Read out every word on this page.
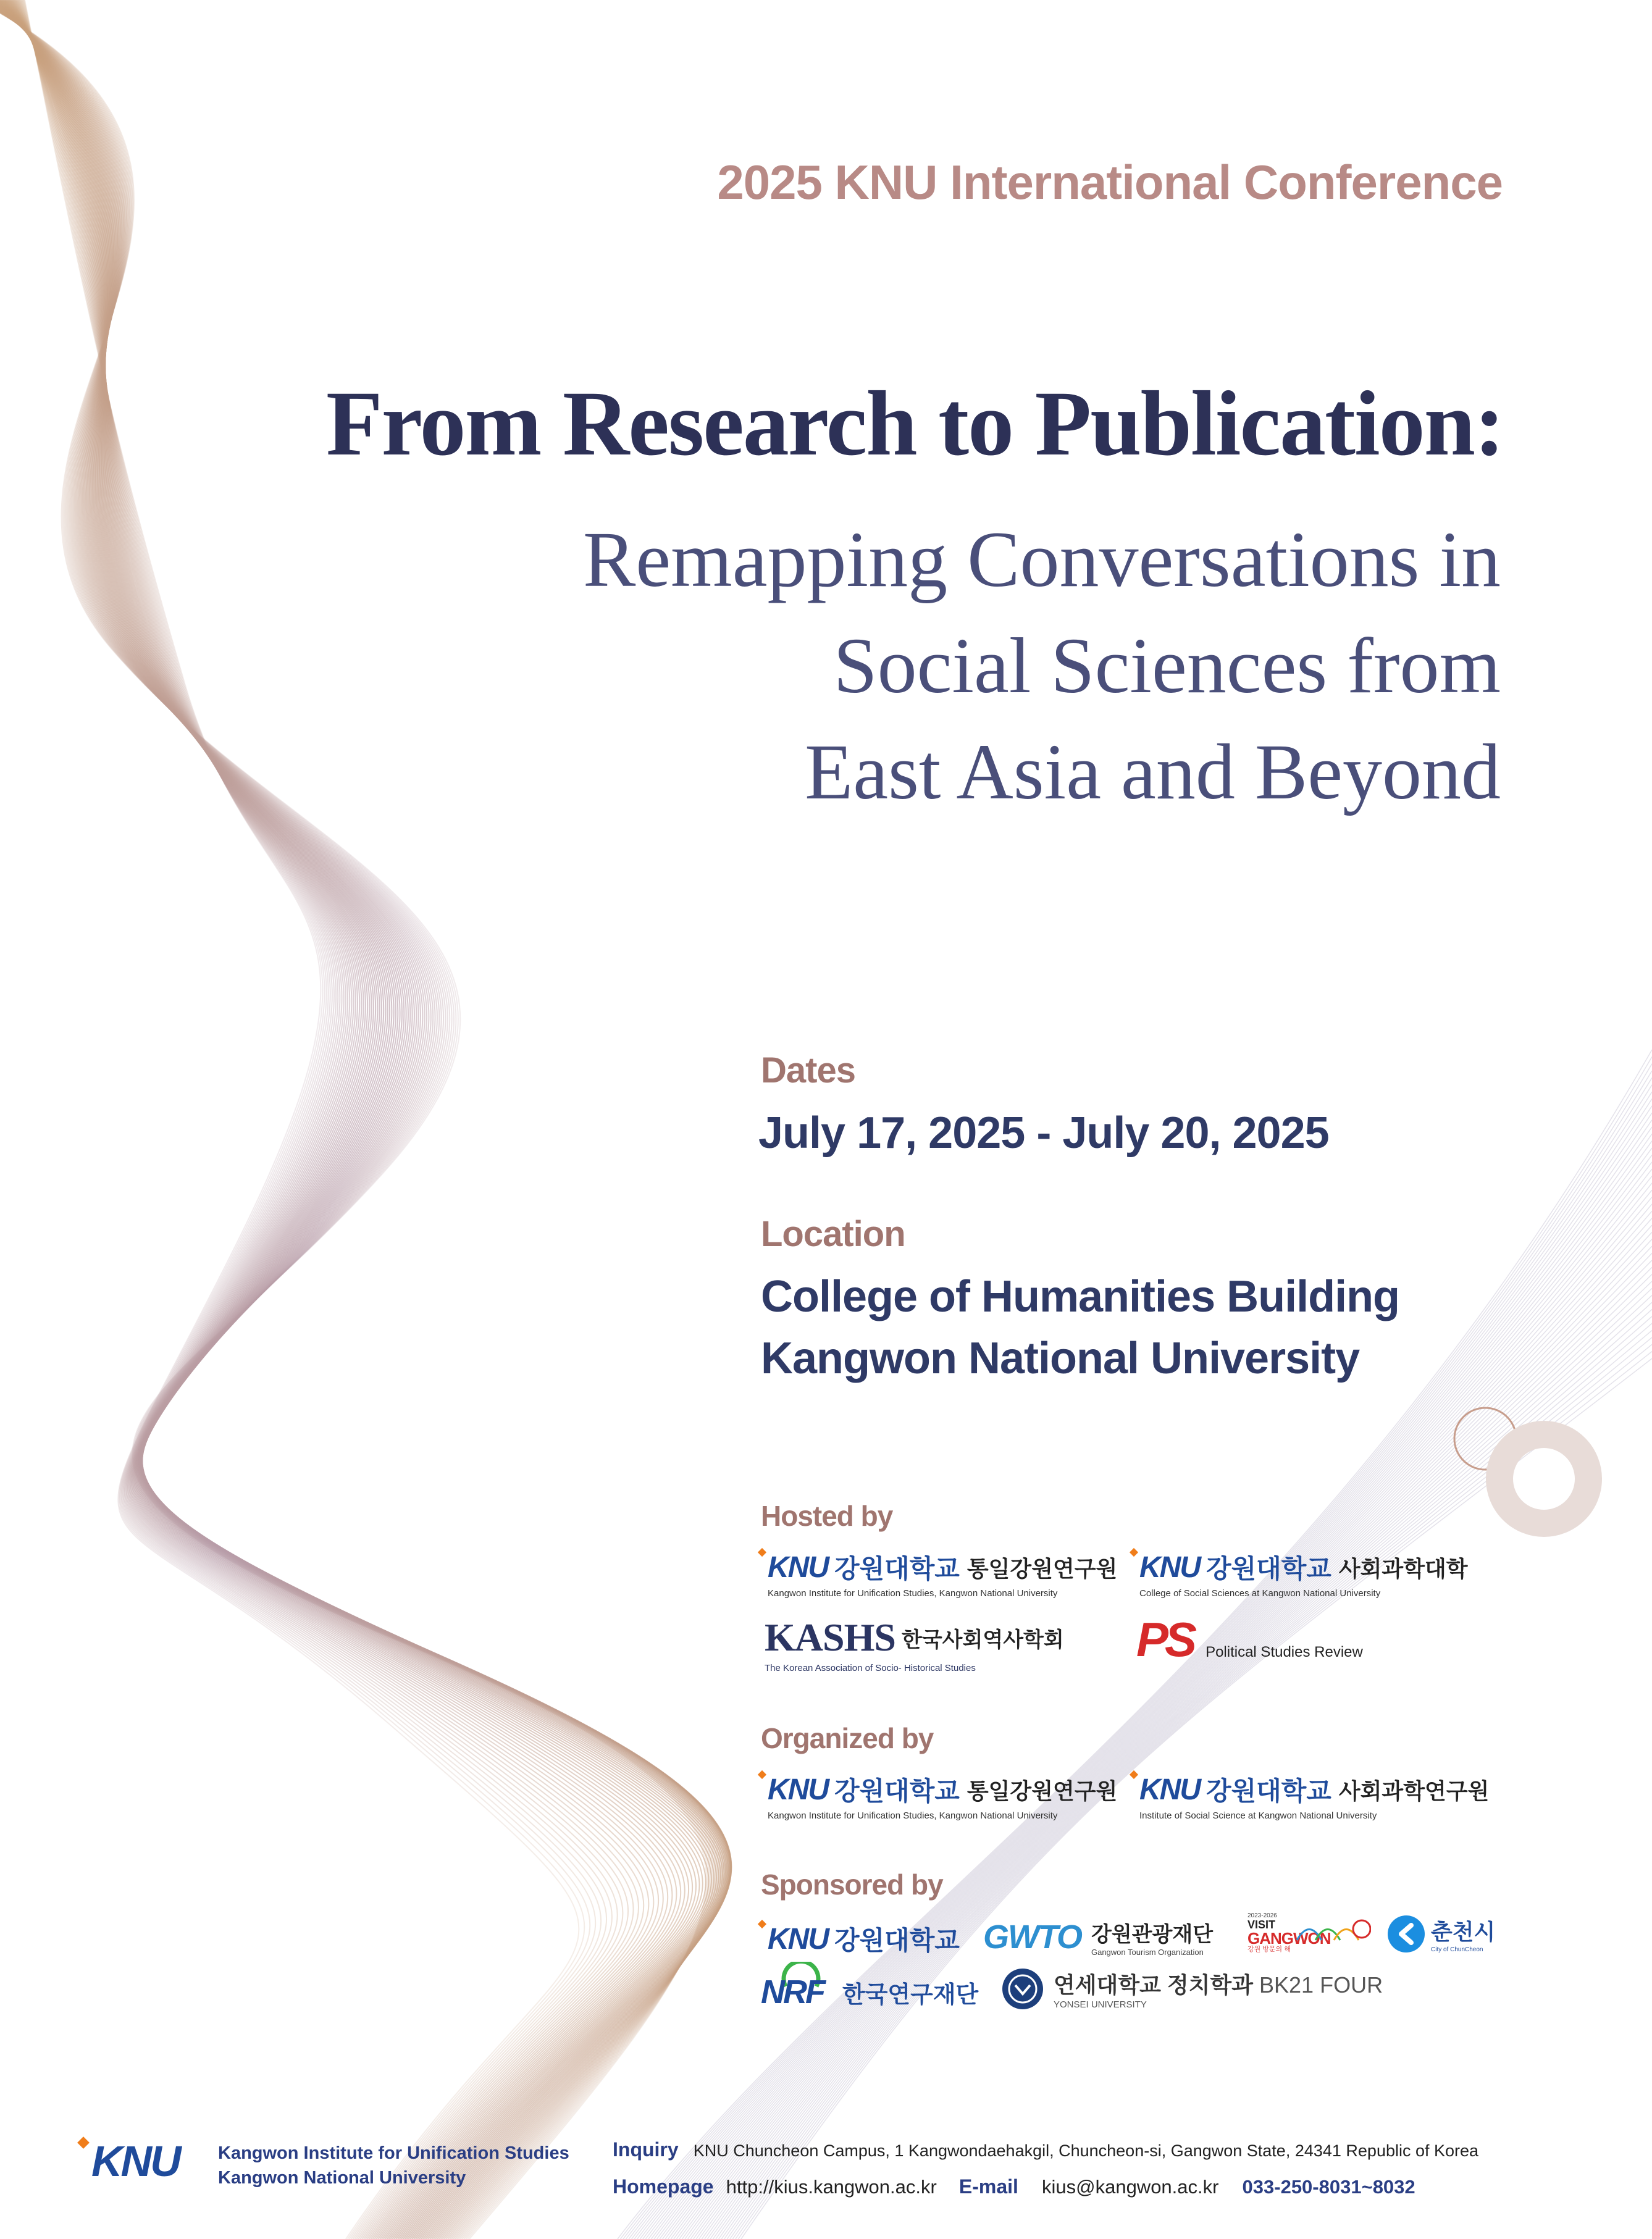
2025 KNU International Conference
From Research to Publication:
Remapping Conversations in
Social Sciences from
East Asia and Beyond
Dates
July 17, 2025 - July 20, 2025
Location
College of Humanities Building
Kangwon National University
Hosted by
KNU 강원대학교 통일강원연구원
Kangwon Institute for Unification Studies, Kangwon National University
KNU 강원대학교 사회과학대학
College of Social Sciences at Kangwon National University
KASHS 한국사회역사학회
The Korean Association of Socio- Historical Studies
PS Political Studies Review
Organized by
KNU 강원대학교 통일강원연구원
Kangwon Institute for Unification Studies, Kangwon National University
KNU 강원대학교 사회과학연구원
Institute of Social Science at Kangwon National University
Sponsored by
KNU 강원대학교 GWTO 강원관광재단
Gangwon Tourism Organization
2023-2026
VISIT
GANGWON
강원 방문의 해
춘천시
City of ChunCheon
NRF 한국연구재단	연세대학교 정치학과 BK21 FOUR
YONSEI UNIVERSITY
KNU Kangwon Institute for Unification Studies
Kangwon National University
Inquiry KNU Chuncheon Campus, 1 Kangwondaehakgil, Chuncheon-si, Gangwon State, 24341 Republic of Korea
Homepage http://kius.kangwon.ac.kr E-mail kius@kangwon.ac.kr 033-250-8031~8032
